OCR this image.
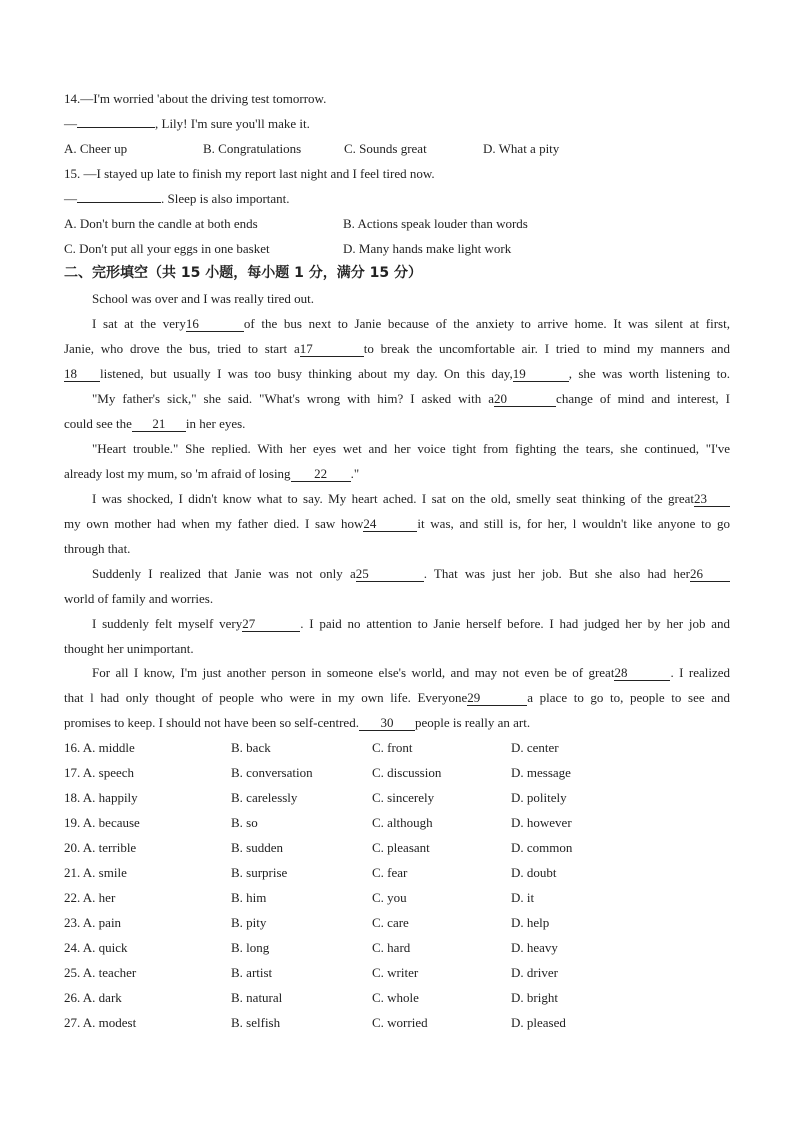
14.—I'm worried 'about the driving test tomorrow.
—	, Lily! I'm sure you'll make it.
A. Cheer up	B. Congratulations	C. Sounds great	D. What a pity
15. —I stayed up late to finish my report last night and I feel tired now.
—	. Sleep is also important.
A. Don't burn the candle at both ends	B. Actions speak louder than words
C. Don't put all your eggs in one basket	D. Many hands make light work
二、完形填空（共 15 小题，每小题 1 分，满分 15 分）
School was over and I was really tired out.
I sat at the very16	of the bus next to Janie because of the anxiety to arrive home. It was silent at first,
Janie, who drove the bus, tried to start a17	to break the uncomfortable air. I tried to mind my manners and
18 listened, but usually I was too busy thinking about my day. On this day,19	, she was worth listening to.
"My father's sick," she said. "What's wrong with him? I asked with a20	change of mind and interest, I
could see the 21 in her eyes.
"Heart trouble." She replied. With her eyes wet and her voice tight from fighting the tears, she continued, "I've
already lost my mum, so 'm afraid of losing 22 ."
I was shocked, I didn't know what to say. My heart ached. I sat on the old, smelly seat thinking of the great23
my own mother had when my father died. I saw how24	it was, and still is, for her, l wouldn't like anyone to go
through that.
Suddenly I realized that Janie was not only a25	. That was just her job. But she also had her26
world of family and worries.
I suddenly felt myself very27	. I paid no attention to Janie herself before. I had judged her by her job and
thought her unimportant.
For all I know, I'm just another person in someone else's world, and may not even be of great28	. I realized
that l had only thought of people who were in my own life. Everyone29	a place to go to, people to see and
promises to keep. I should not have been so self-centred. 30 people is really an art.
16. A. middle	B. back	C. front	D. center
17. A. speech	B. conversation	C. discussion	D. message
18. A. happily	B. carelessly	C. sincerely	D. politely
19. A. because	B. so	C. although	D. however
20. A. terrible	B. sudden	C. pleasant	D. common
21. A. smile	B. surprise	C. fear	D. doubt
22. A. her	B. him	C. you	D. it
23. A. pain	B. pity	C. care	D. help
24. A. quick	B. long	C. hard	D. heavy
25. A. teacher	B. artist	C. writer	D. driver
26. A. dark	B. natural	C. whole	D. bright
27. A. modest	B. selfish	C. worried	D. pleased
